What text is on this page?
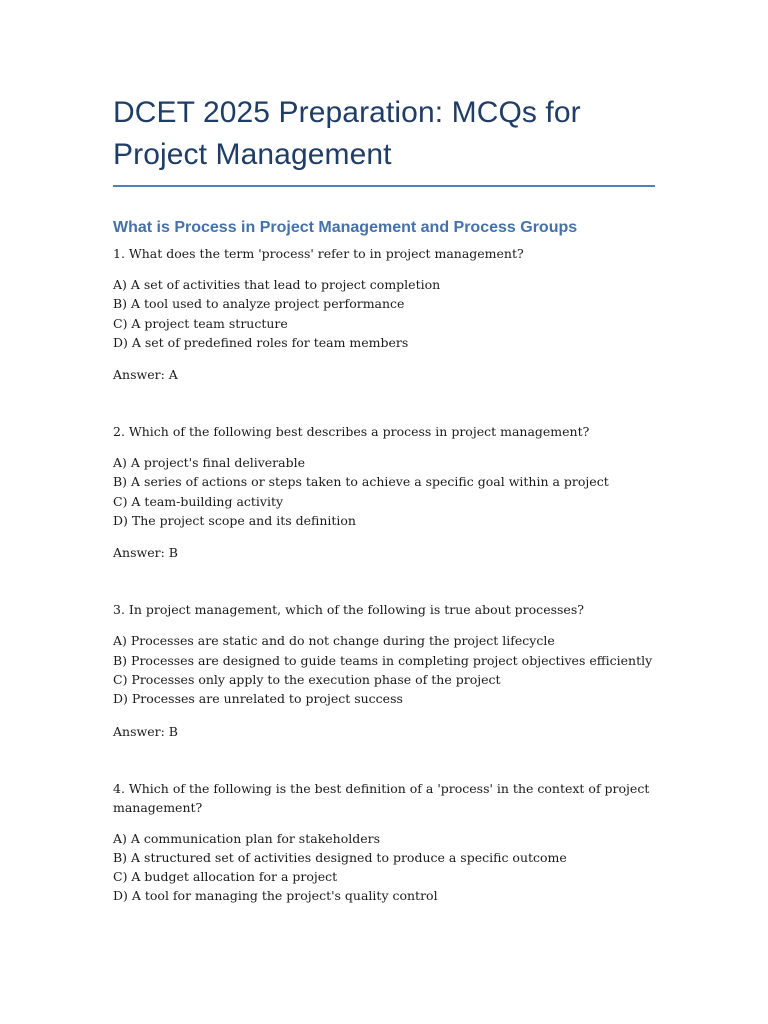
DCET 2025 Preparation: MCQs for Project Management
What is Process in Project Management and Process Groups
1. What does the term 'process' refer to in project management?
A) A set of activities that lead to project completion
B) A tool used to analyze project performance
C) A project team structure
D) A set of predefined roles for team members
Answer: A
2. Which of the following best describes a process in project management?
A) A project's final deliverable
B) A series of actions or steps taken to achieve a specific goal within a project
C) A team-building activity
D) The project scope and its definition
Answer: B
3. In project management, which of the following is true about processes?
A) Processes are static and do not change during the project lifecycle
B) Processes are designed to guide teams in completing project objectives efficiently
C) Processes only apply to the execution phase of the project
D) Processes are unrelated to project success
Answer: B
4. Which of the following is the best definition of a 'process' in the context of project management?
A) A communication plan for stakeholders
B) A structured set of activities designed to produce a specific outcome
C) A budget allocation for a project
D) A tool for managing the project's quality control
